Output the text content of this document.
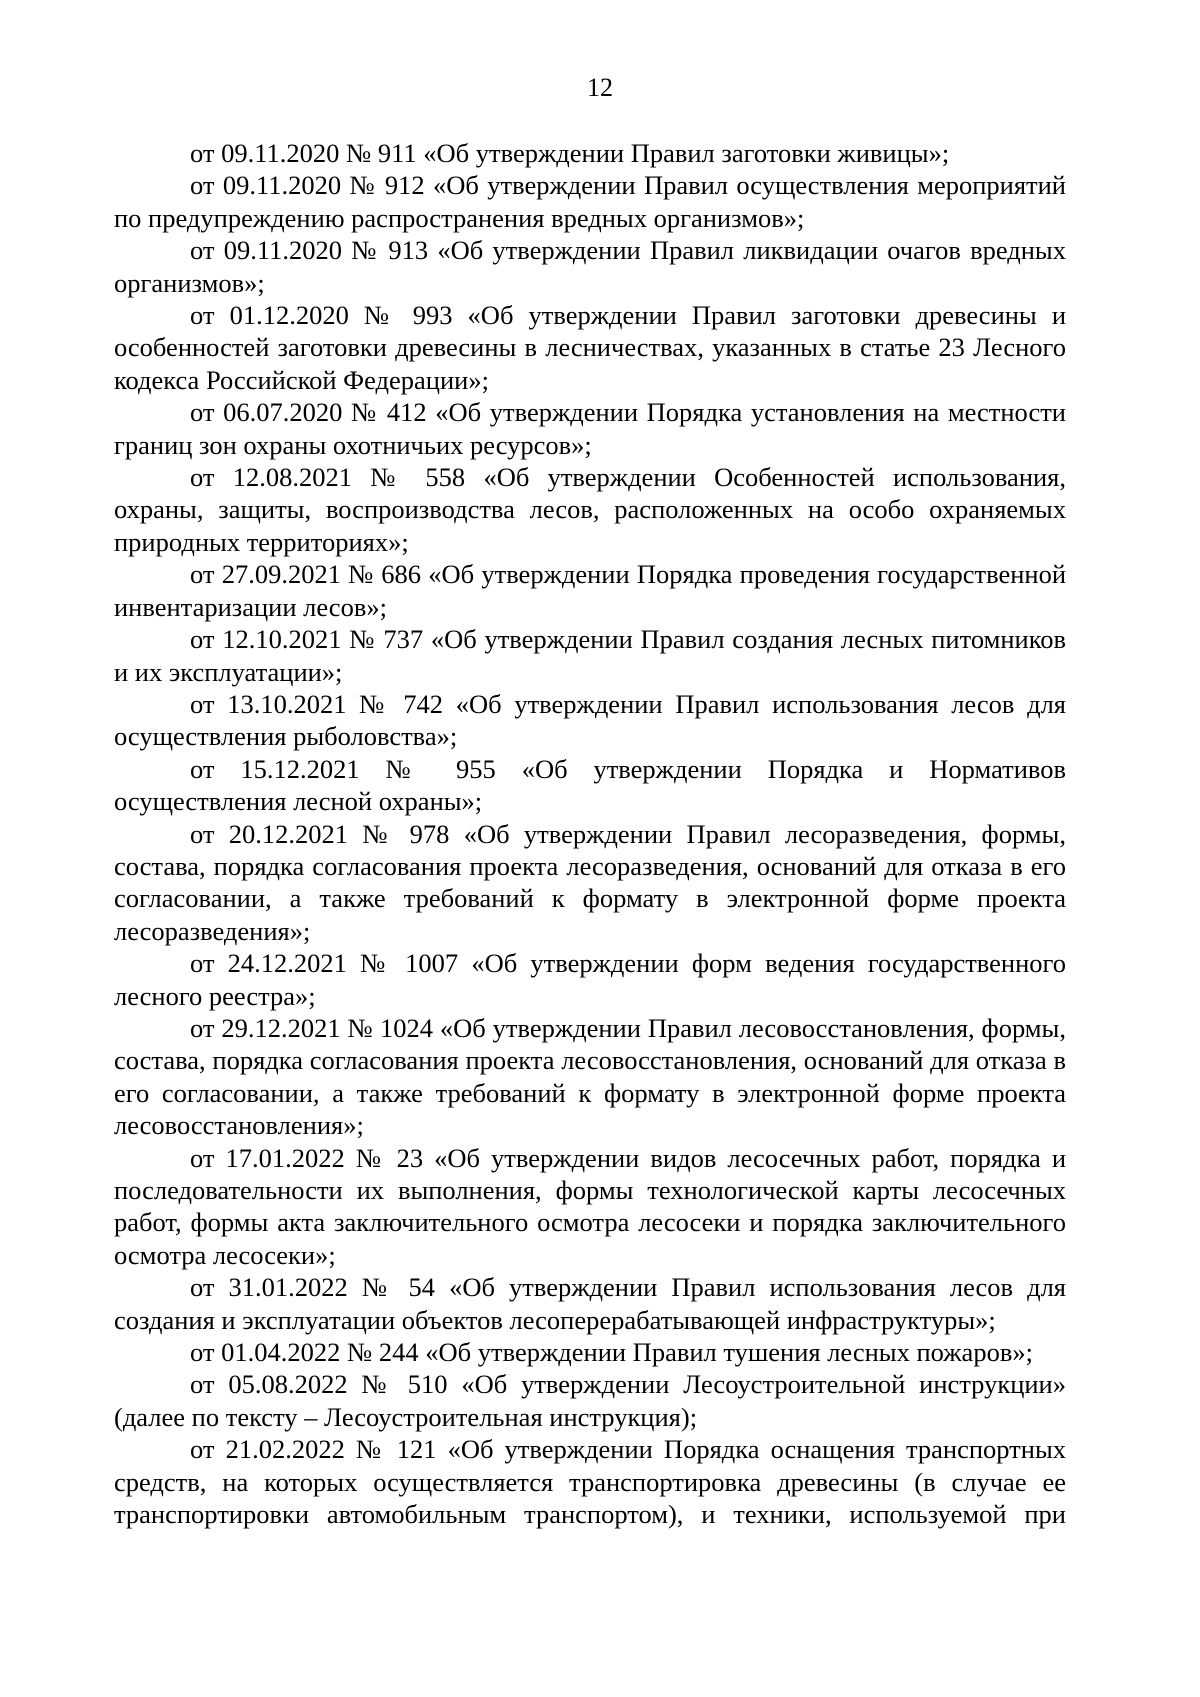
12

от 09.11.2020 № 911 «Об утверждении Правил заготовки живицы»;

от 09.11.2020 № 912 «Об утверждении Правил осуществления мероприятий по предупреждению распространения вредных организмов»;

от 09.11.2020 № 913 «Об утверждении Правил ликвидации очагов вредных организмов»;

от 01.12.2020 № 993 «Об утверждении Правил заготовки древесины и особенностей заготовки древесины в лесничествах, указанных в статье 23 Лесного кодекса Российской Федерации»;

от 06.07.2020 № 412 «Об утверждении Порядка установления на местности границ зон охраны охотничьих ресурсов»;

от 12.08.2021 № 558 «Об утверждении Особенностей использования, охраны, защиты, воспроизводства лесов, расположенных на особо охраняемых природных территориях»;

от 27.09.2021 № 686 «Об утверждении Порядка проведения государственной инвентаризации лесов»;

от 12.10.2021 № 737 «Об утверждении Правил создания лесных питомников и их эксплуатации»;

от 13.10.2021 № 742 «Об утверждении Правил использования лесов для осуществления рыболовства»;

от 15.12.2021 № 955 «Об утверждении Порядка и Нормативов осуществления лесной охраны»;

от 20.12.2021 № 978 «Об утверждении Правил лесоразведения, формы, состава, порядка согласования проекта лесоразведения, оснований для отказа в его согласовании, а также требований к формату в электронной форме проекта лесоразведения»;

от 24.12.2021 № 1007 «Об утверждении форм ведения государственного лесного реестра»;

от 29.12.2021 № 1024 «Об утверждении Правил лесовосстановления, формы, состава, порядка согласования проекта лесовосстановления, оснований для отказа в его согласовании, а также требований к формату в электронной форме проекта лесовосстановления»;

от 17.01.2022 № 23 «Об утверждении видов лесосечных работ, порядка и последовательности их выполнения, формы технологической карты лесосечных работ, формы акта заключительного осмотра лесосеки и порядка заключительного осмотра лесосеки»;

от 31.01.2022 № 54 «Об утверждении Правил использования лесов для создания и эксплуатации объектов лесоперерабатывающей инфраструктуры»;

от 01.04.2022 № 244 «Об утверждении Правил тушения лесных пожаров»;

от 05.08.2022 № 510 «Об утверждении Лесоустроительной инструкции» (далее по тексту – Лесоустроительная инструкция);

от 21.02.2022 № 121 «Об утверждении Порядка оснащения транспортных средств, на которых осуществляется транспортировка древесины (в случае ее транспортировки автомобильным транспортом), и техники, используемой при
